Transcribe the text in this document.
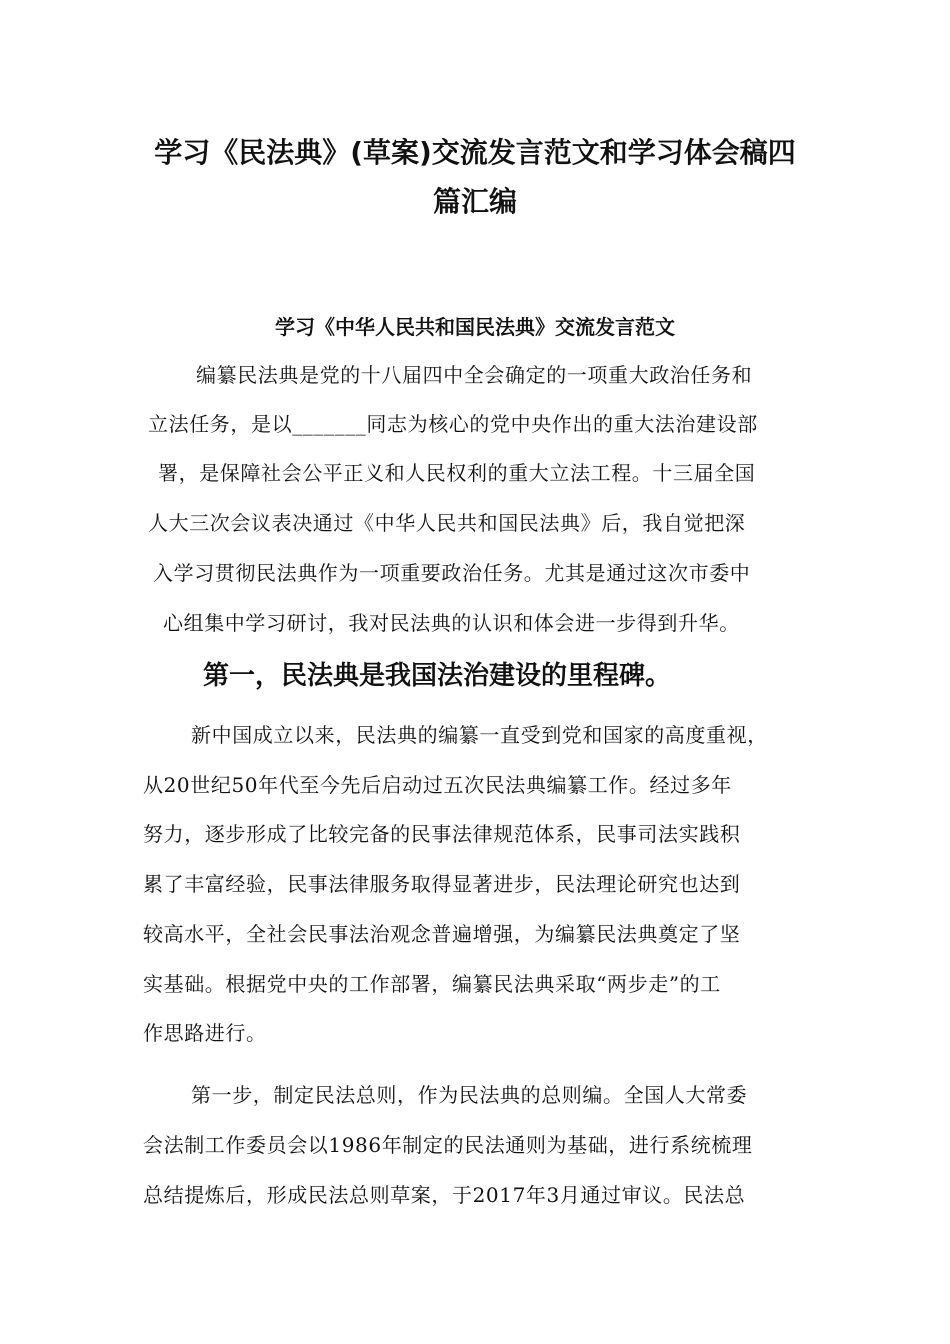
学习《民法典》(草案)交流发言范文和学习体会稿四
篇汇编
学习《中华人民共和国民法典》交流发言范文

编纂民法典是党的十八届四中全会确定的一项重大政治任务和

立法任务，是以_______同志为核心的党中央作出的重大法治建设部

署，是保障社会公平正义和人民权利的重大立法工程。十三届全国

人大三次会议表决通过《中华人民共和国民法典》后，我自觉把深

入学习贯彻民法典作为一项重要政治任务。尤其是通过这次市委中

心组集中学习研讨，我对民法典的认识和体会进一步得到升华。

第一，民法典是我国法治建设的里程碑。

新中国成立以来，民法典的编纂一直受到党和国家的高度重视，

从20世纪50年代至今先后启动过五次民法典编纂工作。经过多年

努力，逐步形成了比较完备的民事法律规范体系，民事司法实践积

累了丰富经验，民事法律服务取得显著进步，民法理论研究也达到

较高水平，全社会民事法治观念普遍增强，为编纂民法典奠定了坚

实基础。根据党中央的工作部署，编纂民法典采取“两步走”的工

作思路进行。

第一步，制定民法总则，作为民法典的总则编。全国人大常委

会法制工作委员会以1986年制定的民法通则为基础，进行系统梳理

总结提炼后，形成民法总则草案，于2017年3月通过审议。民法总
